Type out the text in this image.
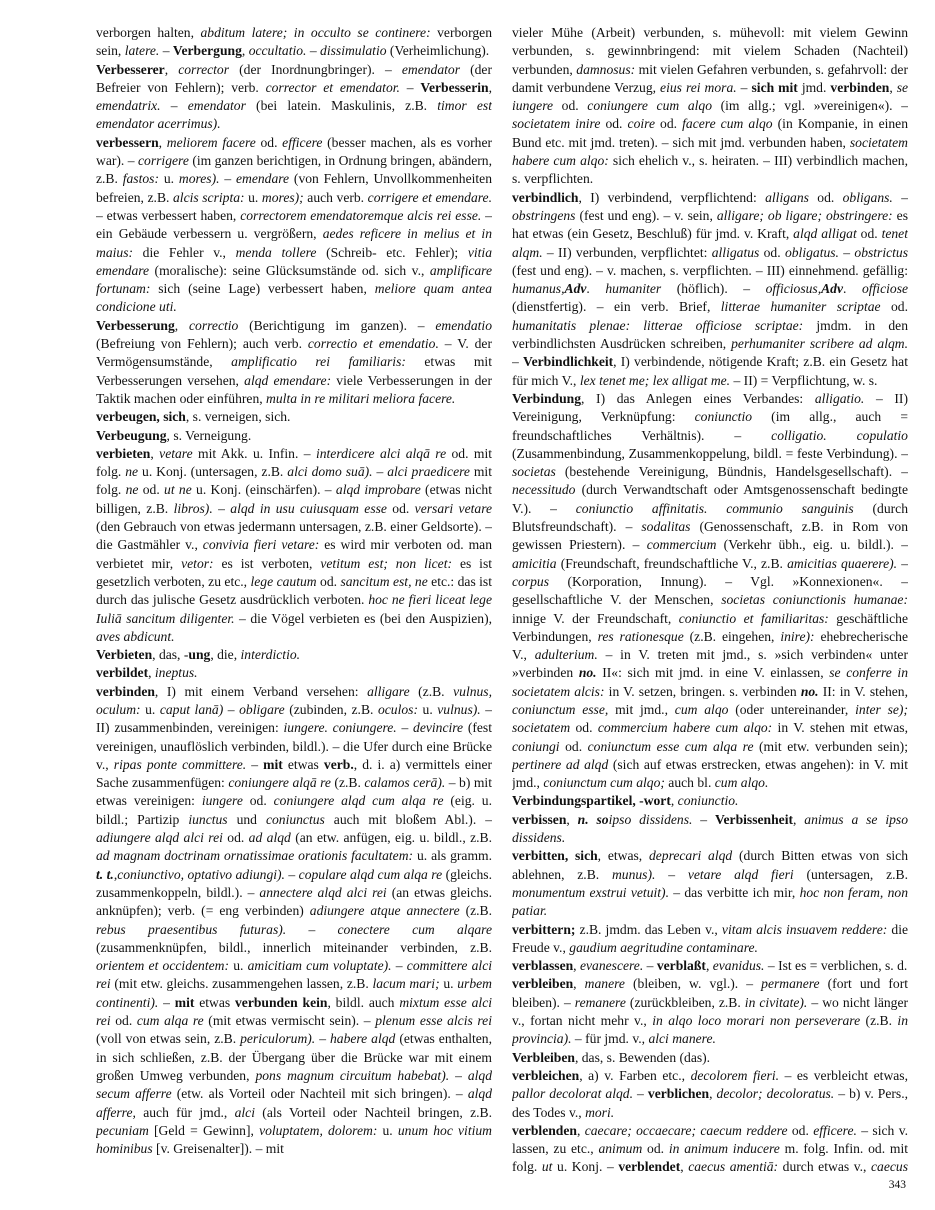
verborgen halten, abditum latere; in occulto se continere: verborgen sein, latere. – Verbergung, occultatio. – dissimulatio (Verheimlichung).

Verbesserer, corrector (der Inordnungbringer). – emendator (der Befreier von Fehlern); verb. corrector et emendator. – Verbesserin, emendatrix. – emendator (bei latein. Maskulinis, z.B. timor est emendator acerrimus).

verbessern, meliorem facere od. efficere (besser machen, als es vorher war). – corrigere (im ganzen berichtigen, in Ordnung bringen, abändern, z.B. fastos: u. mores). – emendare (von Fehlern, Unvollkommenheiten befreien, z.B. alcis scripta: u. mores); auch verb. corrigere et emendare. – etwas verbessert haben, correctorem emendatoremque alcis rei esse. – ein Gebäude verbessern u. vergrößern, aedes reficere in melius et in maius: die Fehler v., menda tollere (Schreib- etc. Fehler); vitia emendare (moralische): seine Glücksumstände od. sich v., amplificare fortunam: sich (seine Lage) verbessert haben, meliore quam antea condicione uti.

Verbesserung, correctio (Berichtigung im ganzen). – emendatio (Befreiung von Fehlern); auch verb. correctio et emendatio. – V. der Vermögensumstände, amplificatio rei familiaris: etwas mit Verbesserungen versehen, alqd emendare: viele Verbesserungen in der Taktik machen oder einführen, multa in re militari meliora facere.

verbeugen, sich, s. verneigen, sich.

Verbeugung, s. Verneigung.

verbieten, vetare mit Akk. u. Infin. – interdicere alci alqā re od. mit folg. ne u. Konj. (untersagen, z.B. alci domo suā). – alci praedicere mit folg. ne od. ut ne u. Konj. (einschärfen). – alqd improbare (etwas nicht billigen, z.B. libros). – alqd in usu cuiusquam esse od. versari vetare (den Gebrauch von etwas jedermann untersagen, z.B. einer Geldsorte). – die Gastmähler v., convivia fieri vetare: es wird mir verboten od. man verbietet mir, vetor: es ist verboten, vetitum est; non licet: es ist gesetzlich verboten, zu etc., lege cautum od. sancitum est, ne etc.: das ist durch das julische Gesetz ausdrücklich verboten. hoc ne fieri liceat lege Iuliā sancitum diligenter. – die Vögel verbieten es (bei den Auspizien), aves abdicunt.

Verbieten, das, -ung, die, interdictio.

verbildet, ineptus.

verbinden, I) mit einem Verband versehen: alligare (z.B. vulnus, oculum: u. caput lanā) – obligare (zubinden, z.B. oculos: u. vulnus). – II) zusammenbinden, vereinigen: iungere. coniungere. – devincire (fest vereinigen, unauflöslich verbinden, bildl.). – die Ufer durch eine Brücke v., ripas ponte committere. – mit etwas verb., d. i. a) vermittels einer Sache zusammenfügen: coniungere alqā re (z.B. calamos cerā). – b) mit etwas vereinigen: iungere od. coniungere alqd cum alqa re (eig. u. bildl.; Partizip iunctus und coniunctus auch mit bloßem Abl.). – adiungere alqd alci rei od. ad alqd (an etw. anfügen, eig. u. bildl., z.B. ad magnam doctrinam ornatissimae orationis facultatem: u. als gramm. t. t.,coniunctivo, optativo adiungi). – copulare alqd cum alqa re (gleichs. zusammenkoppeln, bildl.). – annectere alqd alci rei (an etwas gleichs. anknüpfen); verb. (= eng verbinden) adiungere atque annectere (z.B. rebus praesentibus futuras). – conectere cum alqare (zusammenknüpfen, bildl., innerlich miteinander verbinden, z.B. orientem et occidentem: u. amicitiam cum voluptate). – committere alci rei (mit etw. gleichs. zusammengehen lassen, z.B. lacum mari; u. urbem continenti). – mit etwas verbunden kein, bildl. auch mixtum esse alci rei od. cum alqa re (mit etwas vermischt sein). – plenum esse alcis rei (voll von etwas sein, z.B. periculorum). – habere alqd (etwas enthalten, in sich schließen, z.B. der Übergang über die Brücke war mit einem großen Umweg verbunden, pons magnum circuitum habebat). – alqd secum afferre (etw. als Vorteil oder Nachteil mit sich bringen). – alqd afferre, auch für jmd., alci (als Vorteil oder Nachteil bringen, z.B. pecuniam [Geld = Gewinn], voluptatem, dolorem: u. unum hoc vitium hominibus [v. Greisenalter]). – mit

vieler Mühe (Arbeit) verbunden, s. mühevoll: mit vielem Gewinn verbunden, s. gewinnbringend: mit vielem Schaden (Nachteil) verbunden, damnosus: mit vielen Gefahren verbunden, s. gefahrvoll: der damit verbundene Verzug, eius rei mora. – sich mit jmd. verbinden, se iungere od. coniungere cum alqo (im allg.; vgl. »vereinigen«). – societatem inire od. coire od. facere cum alqo (in Kompanie, in einen Bund etc. mit jmd. treten). – sich mit jmd. verbunden haben, societatem habere cum alqo: sich ehelich v., s. heiraten. – III) verbindlich machen, s. verpflichten.

verbindlich, I) verbindend, verpflichtend: alligans od. obligans. – obstringens (fest und eng). – v. sein, alligare; ob ligare; obstringere: es hat etwas (ein Gesetz, Beschluß) für jmd. v. Kraft, alqd alligat od. tenet alqm. – II) verbunden, verpflichtet: alligatus od. obligatus. – obstrictus (fest und eng). – v. machen, s. verpflichten. – III) einnehmend. gefällig: humanus,Adv. humaniter (höflich). – officiosus,Adv. officiose (dienstfertig). – ein verb. Brief, litterae humaniter scriptae od. humanitatis plenae: litterae officiose scriptae: jmdm. in den verbindlichsten Ausdrücken schreiben, perhumaniter scribere ad alqm. – Verbindlichkeit, I) verbindende, nötigende Kraft; z.B. ein Gesetz hat für mich V., lex tenet me; lex alligat me. – II) = Verpflichtung, w. s.

Verbindung, I) das Anlegen eines Verbandes: alligatio. – II) Vereinigung, Verknüpfung: coniunctio (im allg., auch = freundschaftliches Verhältnis). – colligatio. copulatio (Zusammenbindung, Zusammenkoppelung, bildl. = feste Verbindung). – societas (bestehende Vereinigung, Bündnis, Handelsgesellschaft). – necessitudo (durch Verwandtschaft oder Amtsgenossenschaft bedingte V.). – coniunctio affinitatis. communio sanguinis (durch Blutsfreundschaft). – sodalitas (Genossenschaft, z.B. in Rom von gewissen Priestern). – commercium (Verkehr übh., eig. u. bildl.). – amicitia (Freundschaft, freundschaftliche V., z.B. amicitias quaerere). – corpus (Korporation, Innung). – Vgl. »Konnexionen«. – gesellschaftliche V. der Menschen, societas coniunctionis humanae: innige V. der Freundschaft, coniunctio et familiaritas: geschäftliche Verbindungen, res rationesque (z.B. eingehen, inire): ehebrecherische V., adulterium. – in V. treten mit jmd., s. »sich verbinden« unter »verbinden no. II«: sich mit jmd. in eine V. einlassen, se conferre in societatem alcis: in V. setzen, bringen. s. verbinden no. II: in V. stehen, coniunctum esse, mit jmd., cum alqo (oder untereinander, inter se); societatem od. commercium habere cum alqo: in V. stehen mit etwas, coniungi od. coniunctum esse cum alqa re (mit etw. verbunden sein); pertinere ad alqd (sich auf etwas erstrecken, etwas angehen): in V. mit jmd., coniunctum cum alqo; auch bl. cum alqo.

Verbindungspartikel, -wort, coniunctio.

verbissen, n. soipso dissidens. – Verbissenheit, animus a se ipso dissidens.

verbitten, sich, etwas, deprecari alqd (durch Bitten etwas von sich ablehnen, z.B. munus). – vetare alqd fieri (untersagen, z.B. monumentum exstrui vetuit). – das verbitte ich mir, hoc non feram, non patiar.

verbittern; z.B. jmdm. das Leben v., vitam alcis insuavem reddere: die Freude v., gaudium aegritudine contaminare.

verblassen, evanescere. – verblaßt, evanidus. – Ist es = verblichen, s. d.

verbleiben, manere (bleiben, w. vgl.). – permanere (fort und fort bleiben). – remanere (zurückbleiben, z.B. in civitate). – wo nicht länger v., fortan nicht mehr v., in alqo loco morari non perseverare (z.B. in provincia). – für jmd. v., alci manere.

Verbleiben, das, s. Bewenden (das).

verbleichen, a) v. Farben etc., decolorem fieri. – es verbleicht etwas, pallor decolorat alqd. – verblichen, decolor; decoloratus. – b) v. Pers., des Todes v., mori.

verblenden, caecare; occaecare; caecum reddere od. efficere. – sich v. lassen, zu etc., animum od. in animum inducere m. folg. Infin. od. mit folg. ut u. Konj. – verblendet, caecus amentiā: durch etwas v., caecus

343
